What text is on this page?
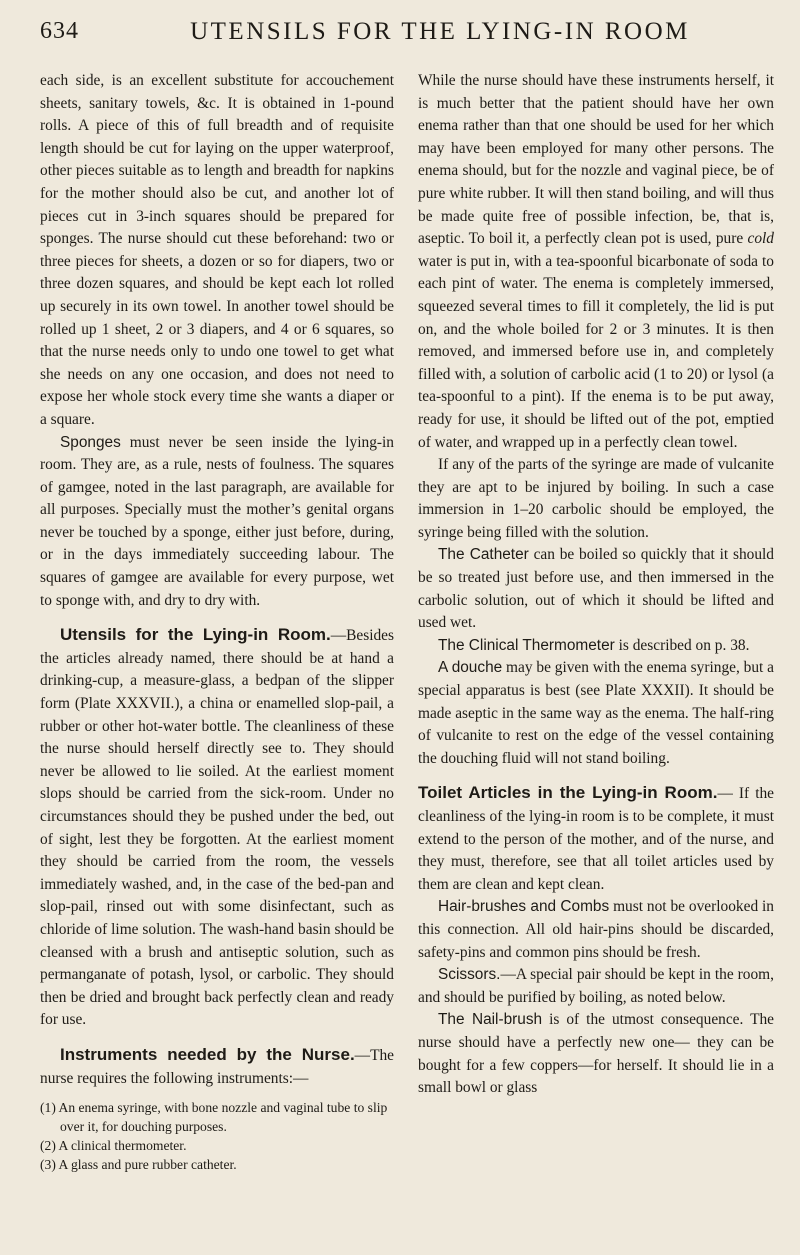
634	UTENSILS FOR THE LYING-IN ROOM

each side, is an excellent substitute for accouchement sheets, sanitary towels, &c. It is obtained in 1-pound rolls. A piece of this of full breadth and of requisite length should be cut for laying on the upper waterproof, other pieces suitable as to length and breadth for napkins for the mother should also be cut, and another lot of pieces cut in 3-inch squares should be prepared for sponges. The nurse should cut these beforehand: two or three pieces for sheets, a dozen or so for diapers, two or three dozen squares, and should be kept each lot rolled up securely in its own towel. In another towel should be rolled up 1 sheet, 2 or 3 diapers, and 4 or 6 squares, so that the nurse needs only to undo one towel to get what she needs on any one occasion, and does not need to expose her whole stock every time she wants a diaper or a square.

Sponges must never be seen inside the lying-in room. They are, as a rule, nests of foulness. The squares of gamgee, noted in the last paragraph, are available for all purposes. Specially must the mother’s genital organs never be touched by a sponge, either just before, during, or in the days immediately succeeding labour. The squares of gamgee are available for every purpose, wet to sponge with, and dry to dry with.

Utensils for the Lying-in Room.—Besides the articles already named, there should be at hand a drinking-cup, a measure-glass, a bedpan of the slipper form (Plate XXXVII.), a china or enamelled slop-pail, a rubber or other hot-water bottle. The cleanliness of these the nurse should herself directly see to. They should never be allowed to lie soiled. At the earliest moment slops should be carried from the sick-room. Under no circumstances should they be pushed under the bed, out of sight, lest they be forgotten. At the earliest moment they should be carried from the room, the vessels immediately washed, and, in the case of the bed-pan and slop-pail, rinsed out with some disinfectant, such as chloride of lime solution. The wash-hand basin should be cleansed with a brush and antiseptic solution, such as permanganate of potash, lysol, or carbolic. They should then be dried and brought back perfectly clean and ready for use.

Instruments needed by the Nurse.—The nurse requires the following instruments:—

(1) An enema syringe, with bone nozzle and vaginal tube to slip over it, for douching purposes.
(2) A clinical thermometer.
(3) A glass and pure rubber catheter.

While the nurse should have these instruments herself, it is much better that the patient should have her own enema rather than that one should be used for her which may have been employed for many other persons. The enema should, but for the nozzle and vaginal piece, be of pure white rubber. It will then stand boiling, and will thus be made quite free of possible infection, be, that is, aseptic. To boil it, a perfectly clean pot is used, pure cold water is put in, with a tea-spoonful bicarbonate of soda to each pint of water. The enema is completely immersed, squeezed several times to fill it completely, the lid is put on, and the whole boiled for 2 or 3 minutes. It is then removed, and immersed before use in, and completely filled with, a solution of carbolic acid (1 to 20) or lysol (a tea-spoonful to a pint). If the enema is to be put away, ready for use, it should be lifted out of the pot, emptied of water, and wrapped up in a perfectly clean towel.

If any of the parts of the syringe are made of vulcanite they are apt to be injured by boiling. In such a case immersion in 1–20 carbolic should be employed, the syringe being filled with the solution.

The Catheter can be boiled so quickly that it should be so treated just before use, and then immersed in the carbolic solution, out of which it should be lifted and used wet.

The Clinical Thermometer is described on p. 38.

A douche may be given with the enema syringe, but a special apparatus is best (see Plate XXXII). It should be made aseptic in the same way as the enema. The half-ring of vulcanite to rest on the edge of the vessel containing the douching fluid will not stand boiling.

Toilet Articles in the Lying-in Room.— If the cleanliness of the lying-in room is to be complete, it must extend to the person of the mother, and of the nurse, and they must, therefore, see that all toilet articles used by them are clean and kept clean.

Hair-brushes and Combs must not be overlooked in this connection. All old hair-pins should be discarded, safety-pins and common pins should be fresh.

Scissors.—A special pair should be kept in the room, and should be purified by boiling, as noted below.

The Nail-brush is of the utmost consequence. The nurse should have a perfectly new one— they can be bought for a few coppers—for herself. It should lie in a small bowl or glass
